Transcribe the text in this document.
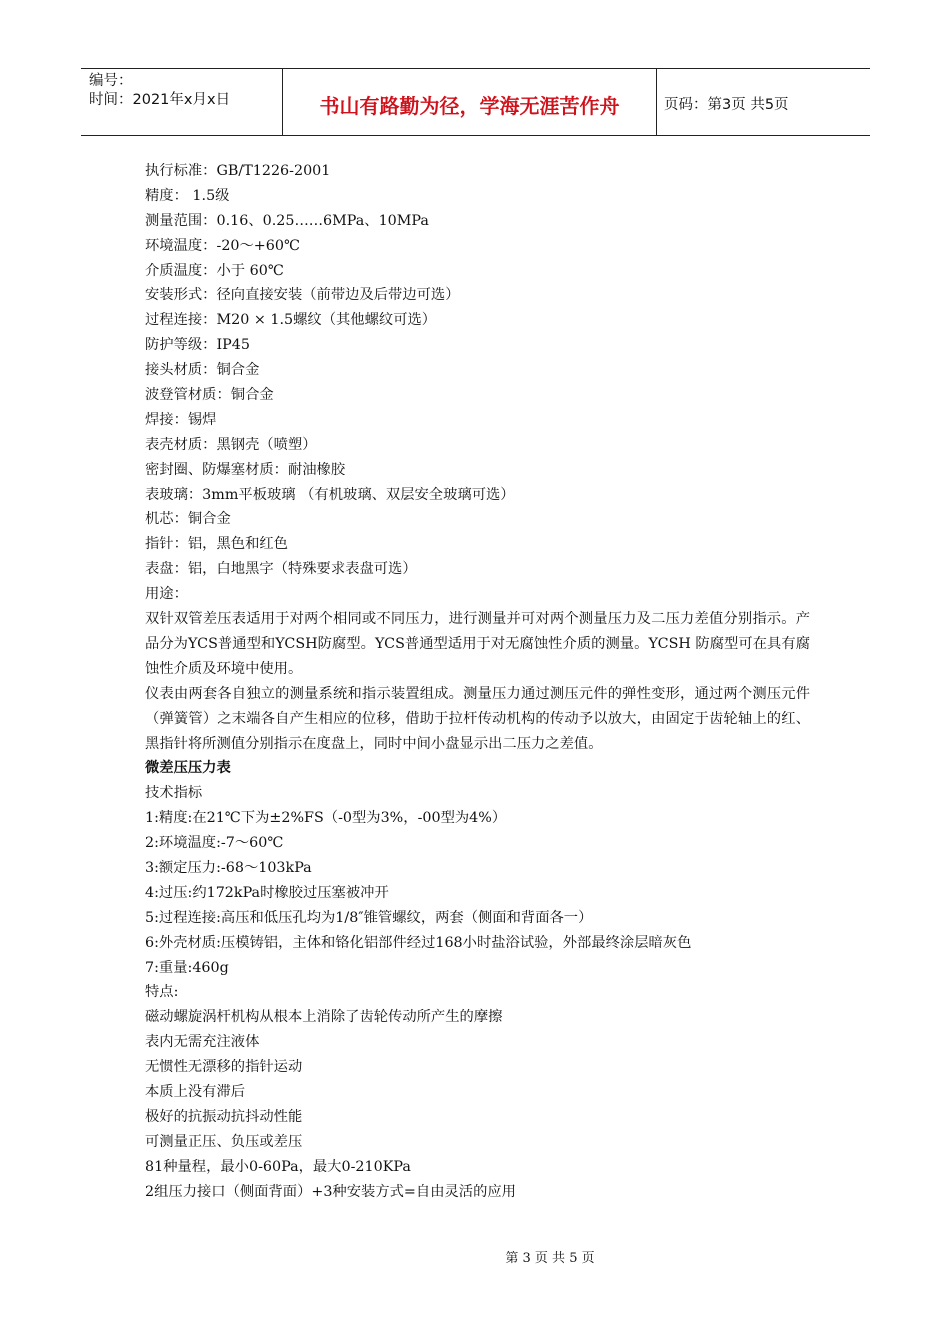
编号：
时间：2021年x月x日	书山有路勤为径，学海无涯苦作舟	页码：第3页 共5页
执行标准：GB/T1226-2001
精度： 1.5级
测量范围：0.16、0.25……6MPa、10MPa
环境温度：-20～+60℃
介质温度：小于 60℃
安装形式：径向直接安装（前带边及后带边可选）
过程连接：M20 × 1.5螺纹（其他螺纹可选）
防护等级：IP45
接头材质：铜合金
波登管材质：铜合金
焊接：锡焊
表壳材质：黑钢壳（喷塑）
密封圈、防爆塞材质：耐油橡胶
表玻璃：3mm平板玻璃 （有机玻璃、双层安全玻璃可选）
机芯：铜合金
指针：铝，黑色和红色
表盘：铝，白地黑字（特殊要求表盘可选）
用途：
双针双管差压表适用于对两个相同或不同压力，进行测量并可对两个测量压力及二压力差值分别指示。产品分为YCS普通型和YCSH防腐型。YCS普通型适用于对无腐蚀性介质的测量。YCSH 防腐型可在具有腐蚀性介质及环境中使用。
仪表由两套各自独立的测量系统和指示装置组成。测量压力通过测压元件的弹性变形，通过两个测压元件（弹簧管）之末端各自产生相应的位移，借助于拉杆传动机构的传动予以放大，由固定于齿轮轴上的红、黑指针将所测值分别指示在度盘上，同时中间小盘显示出二压力之差值。
微差压压力表
技术指标
1:精度:在21℃下为±2%FS（-0型为3%，-00型为4%）
2:环境温度:-7～60℃
3:额定压力:-68～103kPa
4:过压:约172kPa时橡胶过压塞被冲开
5:过程连接:高压和低压孔均为1/8″锥管螺纹，两套（侧面和背面各一）
6:外壳材质:压模铸铝，主体和铬化铝部件经过168小时盐浴试验，外部最终涂层暗灰色
7:重量:460g
特点:
磁动螺旋涡杆机构从根本上消除了齿轮传动所产生的摩擦
表内无需充注液体
无惯性无漂移的指针运动
本质上没有滞后
极好的抗振动抗抖动性能
可测量正压、负压或差压
81种量程，最小0-60Pa，最大0-210KPa
2组压力接口（侧面背面）+3种安装方式=自由灵活的应用
第 3 页 共 5 页
